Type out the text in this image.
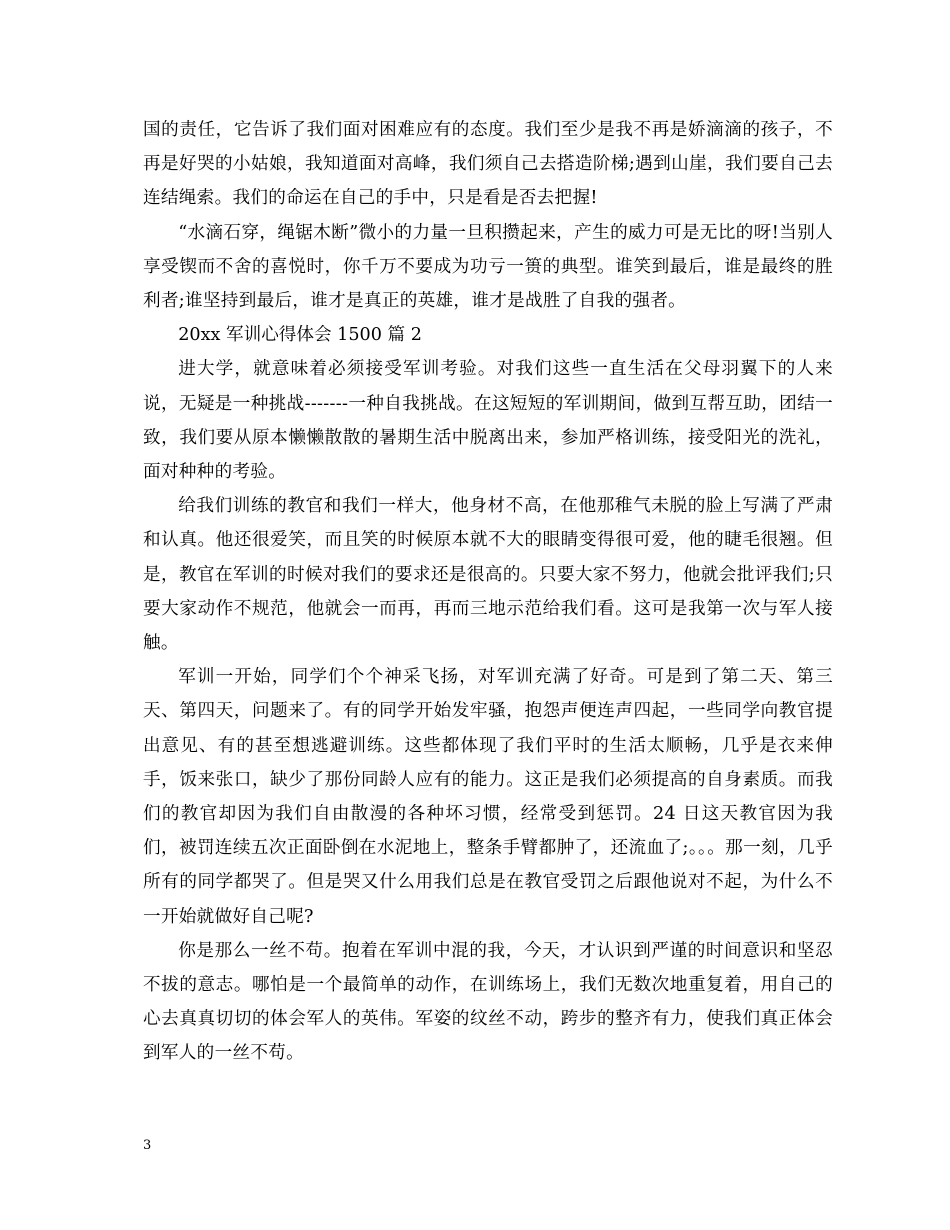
国的责任，它告诉了我们面对困难应有的态度。我们至少是我不再是娇滴滴的孩子，不再是好哭的小姑娘，我知道面对高峰，我们须自己去搭造阶梯;遇到山崖，我们要自己去连结绳索。我们的命运在自己的手中，只是看是否去把握!

“水滴石穿，绳锯木断”微小的力量一旦积攒起来，产生的威力可是无比的呀!当别人享受锲而不舍的喜悦时，你千万不要成为功亏一篑的典型。谁笑到最后，谁是最终的胜利者;谁坚持到最后，谁才是真正的英雄，谁才是战胜了自我的强者。

20xx 军训心得体会 1500 篇 2

进大学，就意味着必须接受军训考验。对我们这些一直生活在父母羽翼下的人来说，无疑是一种挑战-------一种自我挑战。在这短短的军训期间，做到互帮互助，团结一致，我们要从原本懒懒散散的暑期生活中脱离出来，参加严格训练，接受阳光的洗礼，面对种种的考验。

给我们训练的教官和我们一样大，他身材不高，在他那稚气未脱的脸上写满了严肃和认真。他还很爱笑，而且笑的时候原本就不大的眼睛变得很可爱，他的睫毛很翘。但是，教官在军训的时候对我们的要求还是很高的。只要大家不努力，他就会批评我们;只要大家动作不规范，他就会一而再，再而三地示范给我们看。这可是我第一次与军人接触。

军训一开始，同学们个个神采飞扬，对军训充满了好奇。可是到了第二天、第三天、第四天，问题来了。有的同学开始发牢骚，抱怨声便连声四起，一些同学向教官提出意见、有的甚至想逃避训练。这些都体现了我们平时的生活太顺畅，几乎是衣来伸手，饭来张口，缺少了那份同龄人应有的能力。这正是我们必须提高的自身素质。而我们的教官却因为我们自由散漫的各种坏习惯，经常受到惩罚。24 日这天教官因为我们，被罚连续五次正面卧倒在水泥地上，整条手臂都肿了，还流血了;。。。那一刻，几乎所有的同学都哭了。但是哭又什么用我们总是在教官受罚之后跟他说对不起，为什么不一开始就做好自己呢?

你是那么一丝不苟。抱着在军训中混的我，今天，才认识到严谨的时间意识和坚忍不拔的意志。哪怕是一个最简单的动作，在训练场上，我们无数次地重复着，用自己的心去真真切切的体会军人的英伟。军姿的纹丝不动，跨步的整齐有力，使我们真正体会到军人的一丝不苟。

3
